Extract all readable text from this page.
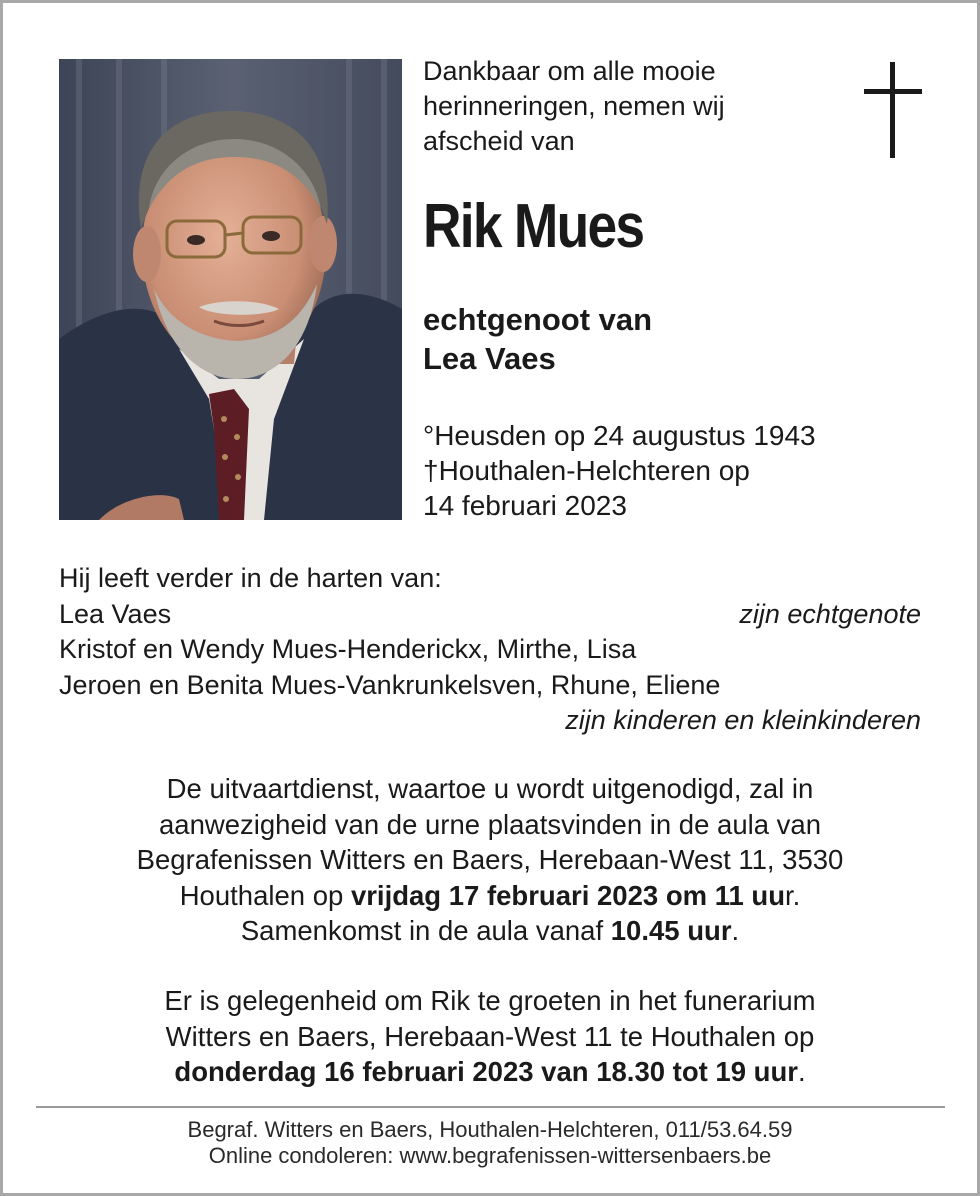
Dankbaar om alle mooie
herinneringen, nemen wij
afscheid van
Rik Mues
echtgenoot van
Lea Vaes
°Heusden op 24 augustus 1943
†Houthalen-Helchteren op
14 februari 2023
Hij leeft verder in de harten van:
Lea Vaes	zijn echtgenote
Kristof en Wendy Mues-Henderickx, Mirthe, Lisa
Jeroen en Benita Mues-Vankrunkelsven, Rhune, Eliene
zijn kinderen en kleinkinderen
De uitvaartdienst, waartoe u wordt uitgenodigd, zal in
aanwezigheid van de urne plaatsvinden in de aula van
Begrafenissen Witters en Baers, Herebaan-West 11, 3530
Houthalen op vrijdag 17 februari 2023 om 11 uur.
Samenkomst in de aula vanaf 10.45 uur.
Er is gelegenheid om Rik te groeten in het funerarium
Witters en Baers, Herebaan-West 11 te Houthalen op
donderdag 16 februari 2023 van 18.30 tot 19 uur.
Begraf. Witters en Baers, Houthalen-Helchteren, 011/53.64.59
Online condoleren: www.begrafenissen-wittersenbaers.be
